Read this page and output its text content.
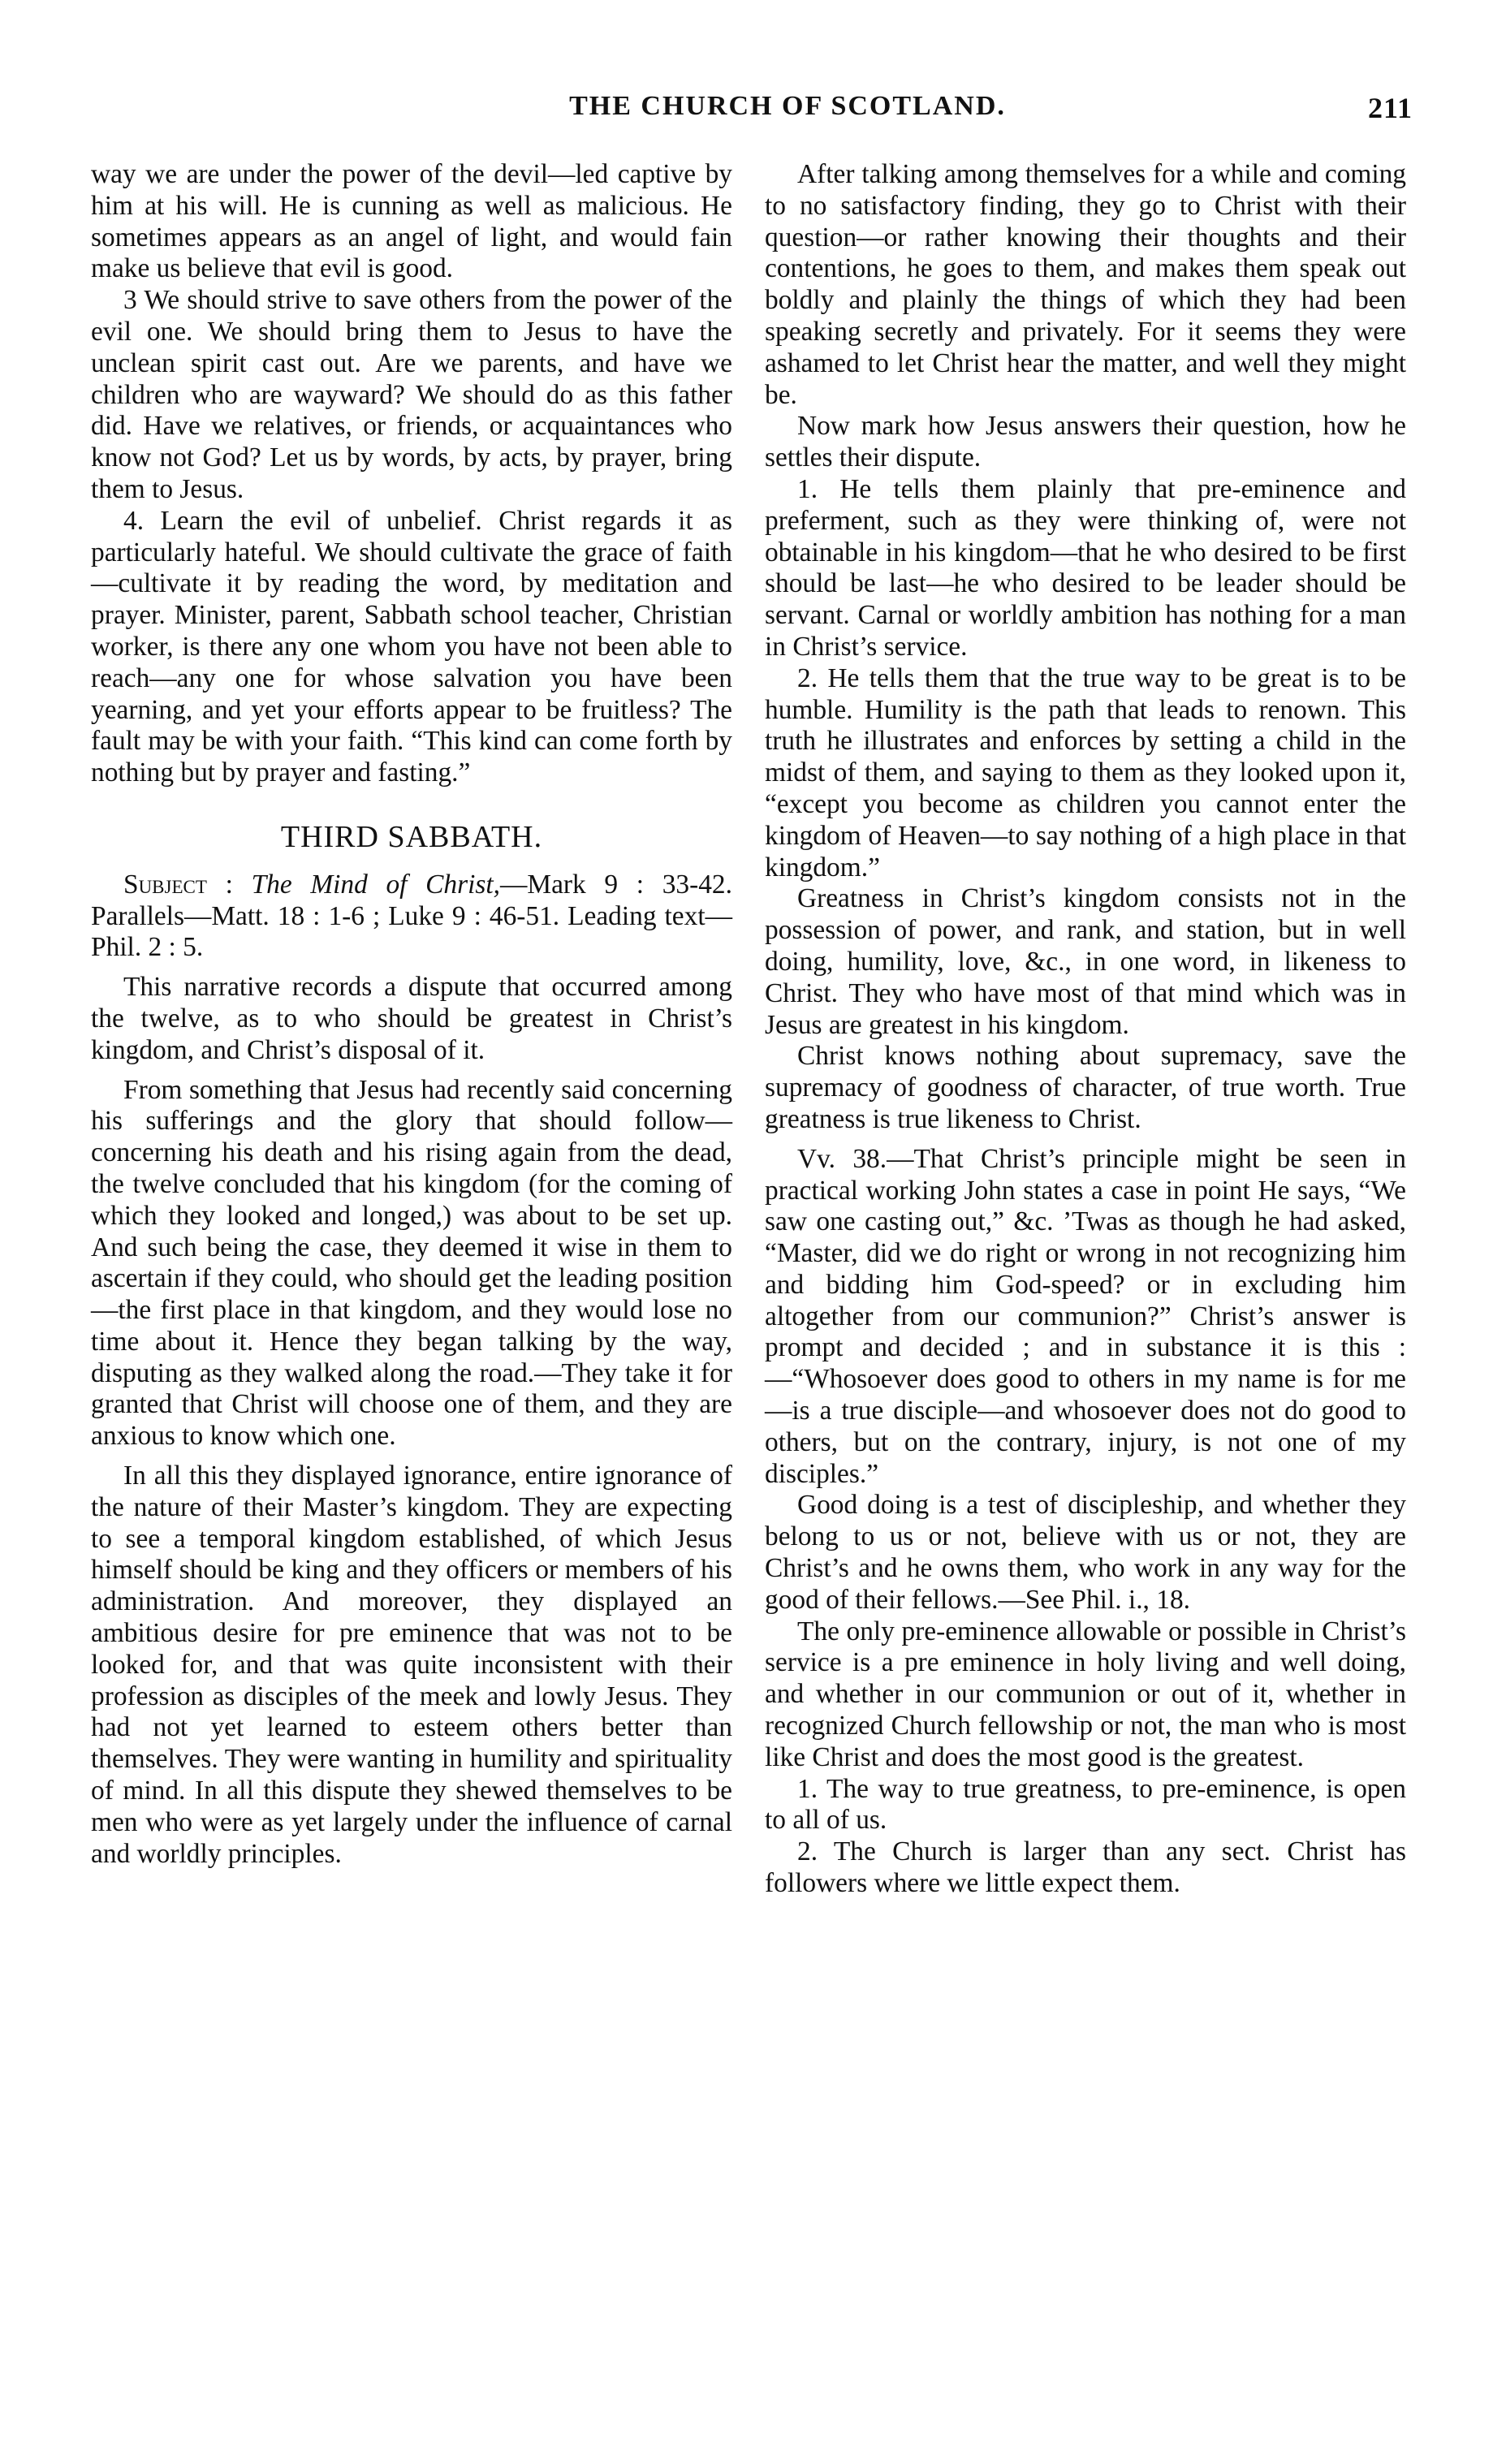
THE CHURCH OF SCOTLAND.	211

way we are under the power of the devil—led captive by him at his will. He is cunning as well as malicious. He sometimes appears as an angel of light, and would fain make us believe that evil is good.

3 We should strive to save others from the power of the evil one. We should bring them to Jesus to have the unclean spirit cast out. Are we parents, and have we children who are wayward? We should do as this father did. Have we relatives, or friends, or acquaintances who know not God? Let us by words, by acts, by prayer, bring them to Jesus.

4. Learn the evil of unbelief. Christ regards it as particularly hateful. We should cultivate the grace of faith—cultivate it by reading the word, by meditation and prayer. Minister, parent, Sabbath school teacher, Christian worker, is there any one whom you have not been able to reach—any one for whose salvation you have been yearning, and yet your efforts appear to be fruitless? The fault may be with your faith. “This kind can come forth by nothing but by prayer and fasting.”

THIRD SABBATH.

Subject : The Mind of Christ,—Mark 9 : 33-42. Parallels—Matt. 18 : 1-6 ; Luke 9 : 46-51. Leading text—Phil. 2 : 5.

This narrative records a dispute that occurred among the twelve, as to who should be greatest in Christ’s kingdom, and Christ’s disposal of it.

From something that Jesus had recently said concerning his sufferings and the glory that should follow—concerning his death and his rising again from the dead, the twelve concluded that his kingdom (for the coming of which they looked and longed,) was about to be set up. And such being the case, they deemed it wise in them to ascertain if they could, who should get the leading position—the first place in that kingdom, and they would lose no time about it. Hence they began talking by the way, disputing as they walked along the road.—They take it for granted that Christ will choose one of them, and they are anxious to know which one.

In all this they displayed ignorance, entire ignorance of the nature of their Master’s kingdom. They are expecting to see a temporal kingdom established, of which Jesus himself should be king and they officers or members of his administration. And moreover, they displayed an ambitious desire for pre eminence that was not to be looked for, and that was quite inconsistent with their profession as disciples of the meek and lowly Jesus. They had not yet learned to esteem others better than themselves. They were wanting in humility and spirituality of mind. In all this dispute they shewed themselves to be men who were as yet largely under the influence of carnal and worldly principles.

After talking among themselves for a while and coming to no satisfactory finding, they go to Christ with their question—or rather knowing their thoughts and their contentions, he goes to them, and makes them speak out boldly and plainly the things of which they had been speaking secretly and privately. For it seems they were ashamed to let Christ hear the matter, and well they might be.

Now mark how Jesus answers their question, how he settles their dispute.

1. He tells them plainly that pre-eminence and preferment, such as they were thinking of, were not obtainable in his kingdom—that he who desired to be first should be last—he who desired to be leader should be servant. Carnal or worldly ambition has nothing for a man in Christ’s service.

2. He tells them that the true way to be great is to be humble. Humility is the path that leads to renown. This truth he illustrates and enforces by setting a child in the midst of them, and saying to them as they looked upon it, “except you become as children you cannot enter the kingdom of Heaven—to say nothing of a high place in that kingdom.”

Greatness in Christ’s kingdom consists not in the possession of power, and rank, and station, but in well doing, humility, love, &c., in one word, in likeness to Christ. They who have most of that mind which was in Jesus are greatest in his kingdom.

Christ knows nothing about supremacy, save the supremacy of goodness of character, of true worth. True greatness is true likeness to Christ.

Vv. 38.—That Christ’s principle might be seen in practical working John states a case in point He says, “We saw one casting out,” &c. ’Twas as though he had asked, “Master, did we do right or wrong in not recognizing him and bidding him God-speed? or in excluding him altogether from our communion?” Christ’s answer is prompt and decided ; and in substance it is this :—“Whosoever does good to others in my name is for me—is a true disciple—and whosoever does not do good to others, but on the contrary, injury, is not one of my disciples.”

Good doing is a test of discipleship, and whether they belong to us or not, believe with us or not, they are Christ’s and he owns them, who work in any way for the good of their fellows.—See Phil. i., 18.

The only pre-eminence allowable or possible in Christ’s service is a pre eminence in holy living and well doing, and whether in our communion or out of it, whether in recognized Church fellowship or not, the man who is most like Christ and does the most good is the greatest.

1. The way to true greatness, to pre-eminence, is open to all of us.

2. The Church is larger than any sect. Christ has followers where we little expect them.
